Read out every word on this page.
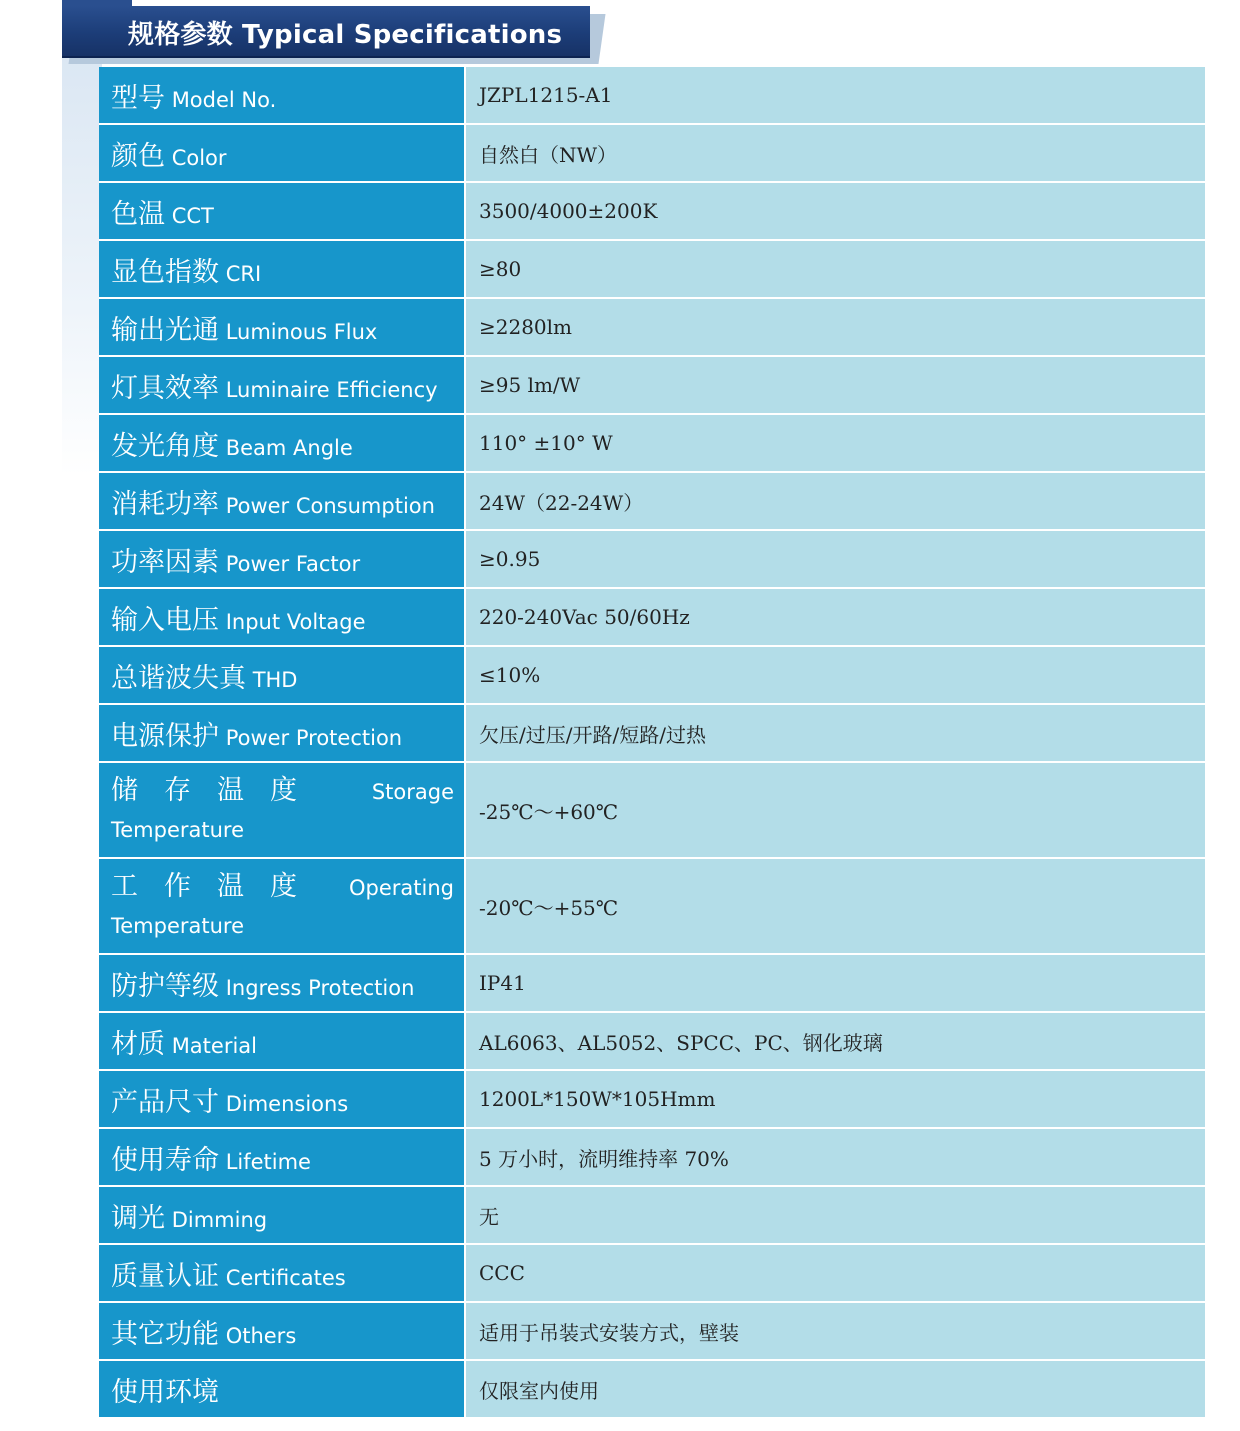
规格参数 Typical Specifications
型号 Model No.	JZPL1215-A1
颜色 Color	自然白（NW）
色温 CCT	3500/4000±200K
显色指数 CRI	≥80
输出光通 Luminous Flux	≥2280lm
灯具效率 Luminaire Efficiency	≥95 lm/W
发光角度 Beam Angle	110° ±10° W
消耗功率 Power Consumption	24W（22-24W）
功率因素 Power Factor	≥0.95
输入电压 Input Voltage	220-240Vac 50/60Hz
总谐波失真 THD	≤10%
电源保护 Power Protection	欠压/过压/开路/短路/过热

储存温度 Storage
Temperature	-25℃～+60℃

工作温度 Operating
Temperature	-20℃～+55℃
防护等级 Ingress Protection	IP41
材质 Material	AL6063、AL5052、SPCC、PC、钢化玻璃
产品尺寸 Dimensions	1200L*150W*105Hmm
使用寿命 Lifetime	5 万小时，流明维持率 70%
调光 Dimming	无
质量认证 Certificates	CCC
其它功能 Others	适用于吊装式安装方式，壁装
使用环境	仅限室内使用
